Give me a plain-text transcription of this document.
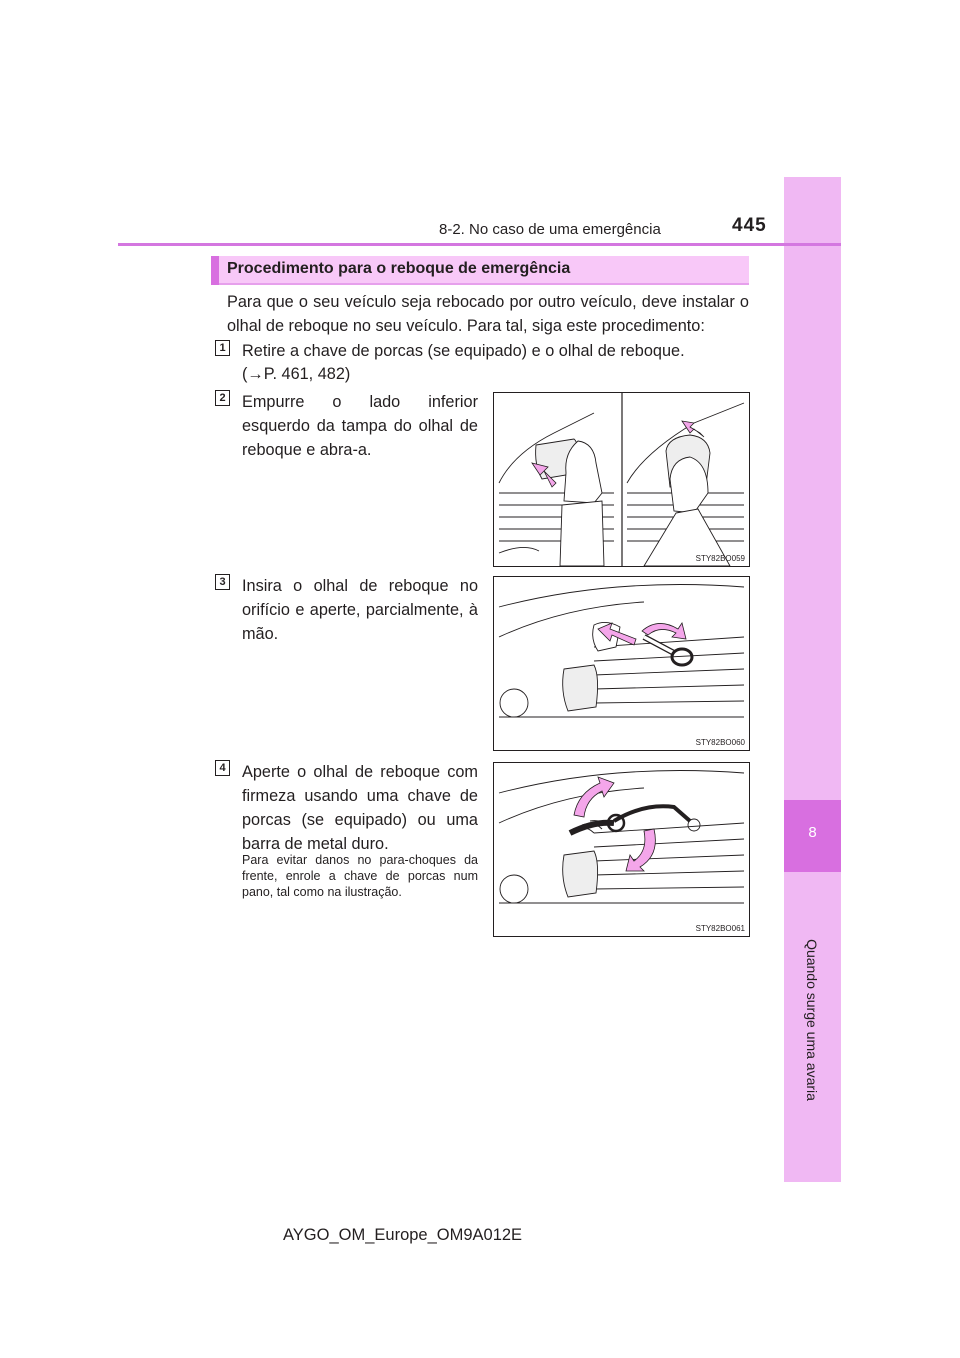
8
Quando surge uma avaria
8-2. No caso de uma emergência	445
Procedimento para o reboque de emergência
Para que o seu veículo seja rebocado por outro veículo, deve instalar o olhal de reboque no seu veículo. Para tal, siga este procedimento:
1 Retire a chave de porcas (se equipado) e o olhal de reboque.
(→P. 461, 482)
2 Empurre o lado inferior esquerdo da tampa do olhal de reboque e abra-a.
STY82BO059
3 Insira o olhal de reboque no orifício e aperte, parcialmente, à mão.
STY82BO060
4 Aperte o olhal de reboque com firmeza usando uma chave de porcas (se equipado) ou uma barra de metal duro.
Para evitar danos no para-choques da frente, enrole a chave de porcas num pano, tal como na ilustração.
STY82BO061
AYGO_OM_Europe_OM9A012E
